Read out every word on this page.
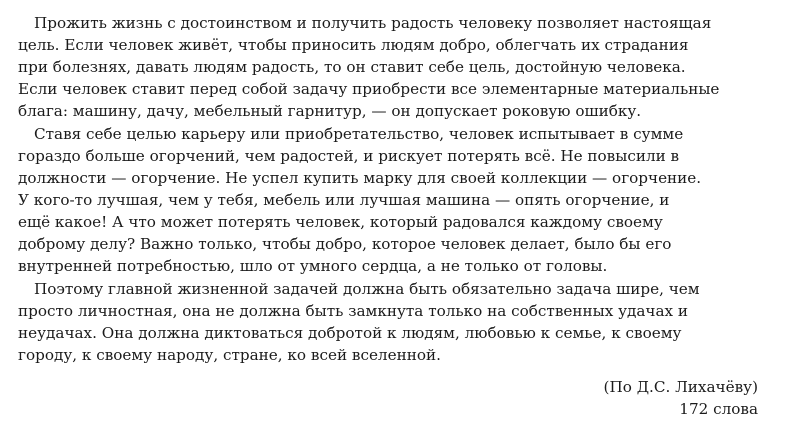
Прожить жизнь с достоинством и получить радость человеку позволяет настоящая
цель. Если человек живёт, чтобы приносить людям добро, облегчать их страдания
при болезнях, давать людям радость, то он ставит себе цель, достойную человека.
Если человек ставит перед собой задачу приобрести все элементарные материальные
блага: машину, дачу, мебельный гарнитур, — он допускает роковую ошибку.
Ставя себе целью карьеру или приобретательство, человек испытывает в сумме
гораздо больше огорчений, чем радостей, и рискует потерять всё. Не повысили в
должности — огорчение. Не успел купить марку для своей коллекции — огорчение.
У кого-то лучшая, чем у тебя, мебель или лучшая машина — опять огорчение, и
ещё какое! А что может потерять человек, который радовался каждому своему
доброму делу? Важно только, чтобы добро, которое человек делает, было бы его
внутренней потребностью, шло от умного сердца, а не только от головы.
Поэтому главной жизненной задачей должна быть обязательно задача шире, чем
просто личностная, она не должна быть замкнута только на собственных удачах и
неудачах. Она должна диктоваться добротой к людям, любовью к семье, к своему
городу, к своему народу, стране, ко всей вселенной.
(По Д.С. Лихачёву)
172 слова
